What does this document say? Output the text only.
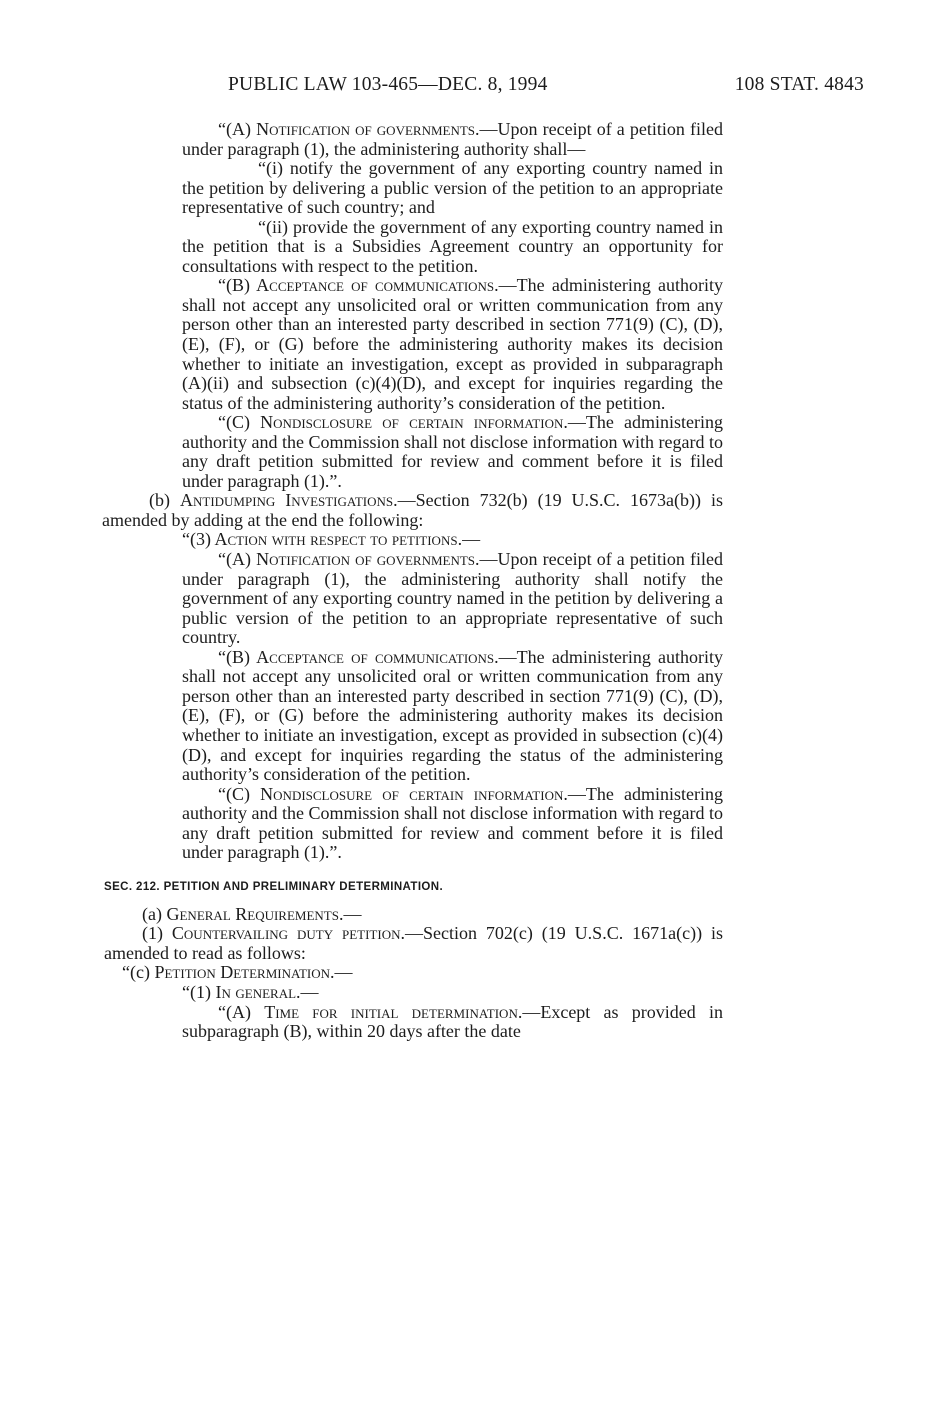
PUBLIC LAW 103-465—DEC. 8, 1994	108 STAT. 4843

“(A) Notification of governments.—Upon receipt of a petition filed under paragraph (1), the administering authority shall—

“(i) notify the government of any exporting country named in the petition by delivering a public version of the petition to an appropriate representative of such country; and

“(ii) provide the government of any exporting country named in the petition that is a Subsidies Agreement country an opportunity for consultations with respect to the petition.

“(B) Acceptance of communications.—The administering authority shall not accept any unsolicited oral or written communication from any person other than an interested party described in section 771(9) (C), (D), (E), (F), or (G) before the administering authority makes its decision whether to initiate an investigation, except as provided in subparagraph (A)(ii) and subsection (c)(4)(D), and except for inquiries regarding the status of the administering authority’s consideration of the petition.

“(C) Nondisclosure of certain information.—The administering authority and the Commission shall not disclose information with regard to any draft petition submitted for review and comment before it is filed under paragraph (1).”.

(b) Antidumping Investigations.—Section 732(b) (19 U.S.C. 1673a(b)) is amended by adding at the end the following:

“(3) Action with respect to petitions.—

“(A) Notification of governments.—Upon receipt of a petition filed under paragraph (1), the administering authority shall notify the government of any exporting country named in the petition by delivering a public version of the petition to an appropriate representative of such country.

“(B) Acceptance of communications.—The administering authority shall not accept any unsolicited oral or written communication from any person other than an interested party described in section 771(9) (C), (D), (E), (F), or (G) before the administering authority makes its decision whether to initiate an investigation, except as provided in subsection (c)(4)(D), and except for inquiries regarding the status of the administering authority’s consideration of the petition.

“(C) Nondisclosure of certain information.—The administering authority and the Commission shall not disclose information with regard to any draft petition submitted for review and comment before it is filed under paragraph (1).”.

SEC. 212. PETITION AND PRELIMINARY DETERMINATION.

(a) General Requirements.—

(1) Countervailing duty petition.—Section 702(c) (19 U.S.C. 1671a(c)) is amended to read as follows:

“(c) Petition Determination.—

“(1) In general.—

“(A) Time for initial determination.—Except as provided in subparagraph (B), within 20 days after the date
